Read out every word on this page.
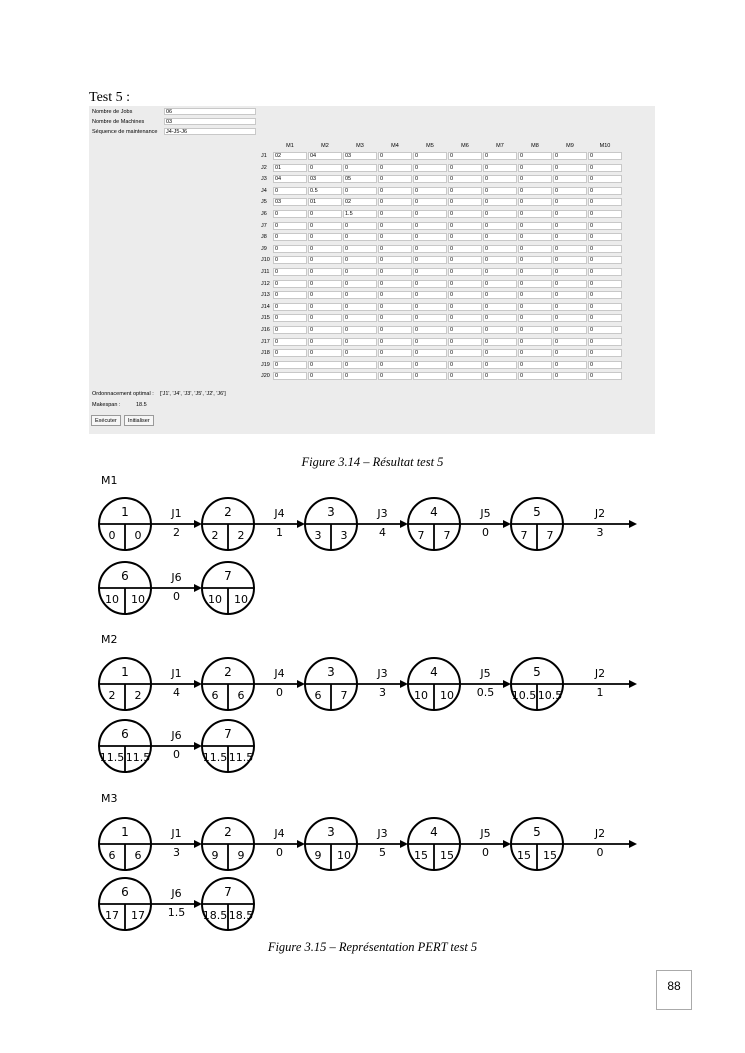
Test 5 :
Nombre de Jobs	06
Nombre de Machines	03
Séquence de maintenance	J4-J5-J6
M1	M2	M3	M4	M5	M6	M7	M8	M9	M10
J1	02	04	03	0	0	0	0	0	0	0
J2	01	0	0	0	0	0	0	0	0	0
J3	04	03	05	0	0	0	0	0	0	0
J4	0	0.5	0	0	0	0	0	0	0	0
J5	03	01	02	0	0	0	0	0	0	0
J6	0	0	1.5	0	0	0	0	0	0	0
J7	0	0	0	0	0	0	0	0	0	0
J8	0	0	0	0	0	0	0	0	0	0
J9	0	0	0	0	0	0	0	0	0	0
J10 0	0	0	0	0	0	0	0	0	0
J11	0	0	0	0	0	0	0	0	0	0
J12 0	0	0	0	0	0	0	0	0	0
J13 0	0	0	0	0	0	0	0	0	0
J14 0	0	0	0	0	0	0	0	0	0
J15 0	0	0	0	0	0	0	0	0	0
J16 0	0	0	0	0	0	0	0	0	0
J17 0	0	0	0	0	0	0	0	0	0
J18 0	0	0	0	0	0	0	0	0	0
J19 0	0	0	0	0	0	0	0	0	0
J20 0	0	0	0	0	0	0	0	0	0
Ordonnacement optimal : ['J1', 'J4', 'J3', 'J5', 'J2', 'J6']
Makespan :	18.5
Exécuter	Initialiser
Figure 3.14 – Résultat test 5
M1
1
0 0
J1
2
2
2 2
J4
1
3
3 3
J3
4
4
7 7
J5
0
5
7 7
J2
3
6
10 10
J6
0
7
10 10
M2
1
2 2
J1
4
2
6 6
J4
0
3
6 7
J3
3
4
10 10
J5
0.5
5
10.5 10.5
J2
1
6
11.5 11.5
J6
0
7
11.5 11.5
M3
1
6 6
J1
3
2
9 9
J4
0
3
9 10
J3
5
4
15 15
J5
0
5
15 15
J2
0
6
17 17
J6
1.5
7
18.5 18.5
Figure 3.15 – Représentation PERT test 5
88
